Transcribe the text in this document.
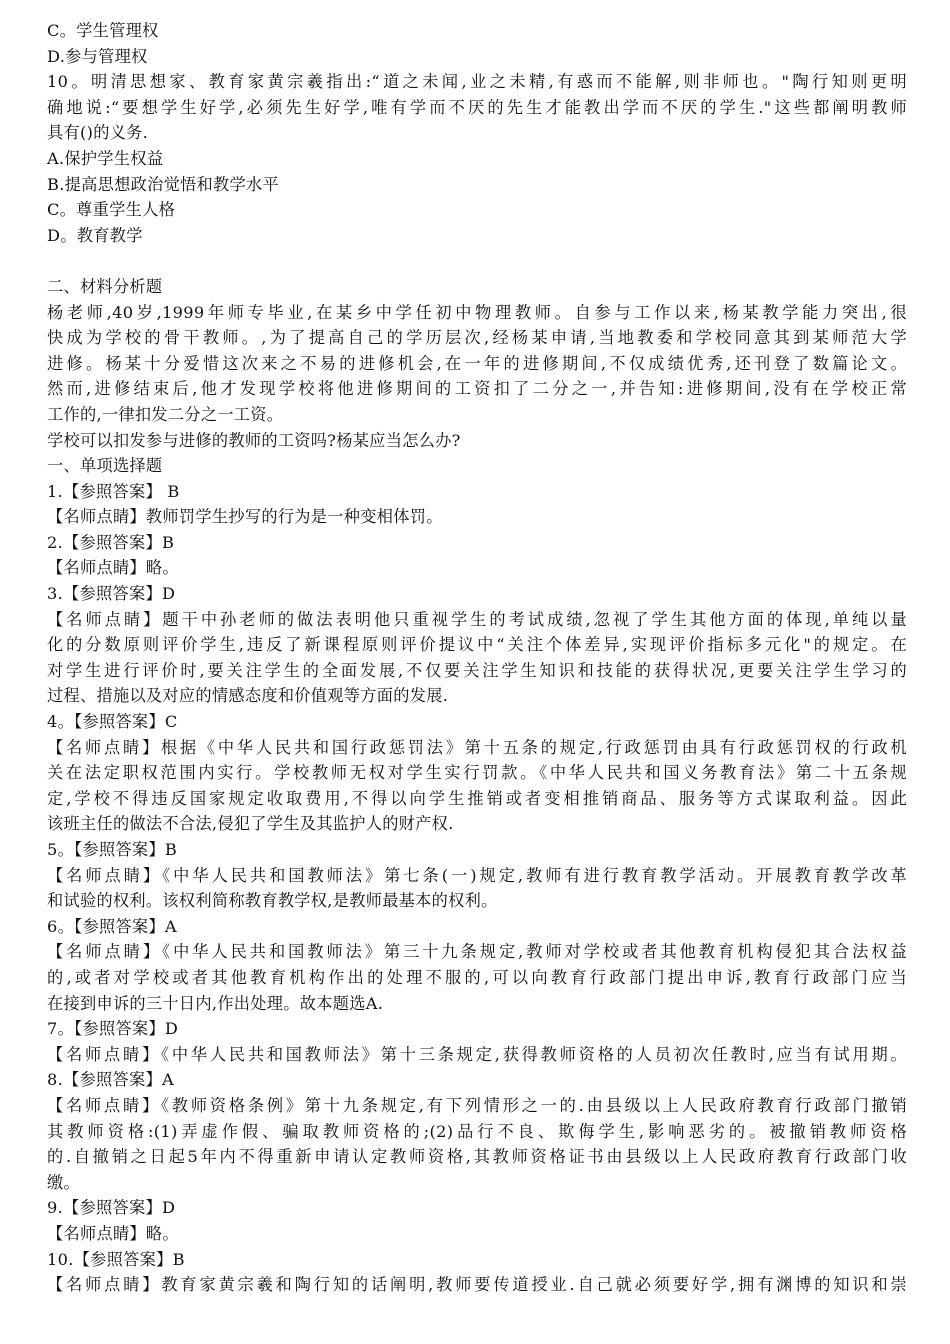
C。学生管理权
D.参与管理权
10。明清思想家、教育家黄宗羲指出:“道之未闻,业之未精,有惑而不能解,则非师也。"陶行知则更明
确地说:“要想学生好学,必须先生好学,唯有学而不厌的先生才能教出学而不厌的学生."这些都阐明教师
具有()的义务.
A.保护学生权益
B.提高思想政治觉悟和教学水平
C。尊重学生人格
D。教育教学
二、材料分析题
杨老师,40岁,1999年师专毕业,在某乡中学任初中物理教师。自参与工作以来,杨某教学能力突出,很
快成为学校的骨干教师。,为了提高自己的学历层次,经杨某申请,当地教委和学校同意其到某师范大学
进修。杨某十分爱惜这次来之不易的进修机会,在一年的进修期间,不仅成绩优秀,还刊登了数篇论文。
然而,进修结束后,他才发现学校将他进修期间的工资扣了二分之一,并告知:进修期间,没有在学校正常
工作的,一律扣发二分之一工资。
学校可以扣发参与进修的教师的工资吗?杨某应当怎么办?
一、单项选择题
1.【参照答案】 B
【名师点睛】教师罚学生抄写的行为是一种变相体罚。
2.【参照答案】B
【名师点睛】略。
3.【参照答案】D
【名师点睛】题干中孙老师的做法表明他只重视学生的考试成绩,忽视了学生其他方面的体现,单纯以量
化的分数原则评价学生,违反了新课程原则评价提议中“关注个体差异,实现评价指标多元化"的规定。在
对学生进行评价时,要关注学生的全面发展,不仅要关注学生知识和技能的获得状况,更要关注学生学习的
过程、措施以及对应的情感态度和价值观等方面的发展.
4。【参照答案】C
【名师点睛】根据《中华人民共和国行政惩罚法》第十五条的规定,行政惩罚由具有行政惩罚权的行政机
关在法定职权范围内实行。学校教师无权对学生实行罚款。《中华人民共和国义务教育法》第二十五条规
定,学校不得违反国家规定收取费用,不得以向学生推销或者变相推销商品、服务等方式谋取利益。因此
该班主任的做法不合法,侵犯了学生及其监护人的财产权.
5。【参照答案】B
【名师点睛】《中华人民共和国教师法》第七条(一)规定,教师有进行教育教学活动。开展教育教学改革
和试验的权利。该权利简称教育教学权,是教师最基本的权利。
6。【参照答案】A
【名师点睛】《中华人民共和国教师法》第三十九条规定,教师对学校或者其他教育机构侵犯其合法权益
的,或者对学校或者其他教育机构作出的处理不服的,可以向教育行政部门提出申诉,教育行政部门应当
在接到申诉的三十日内,作出处理。故本题选A.
7。【参照答案】D
【名师点睛】《中华人民共和国教师法》第十三条规定,获得教师资格的人员初次任教时,应当有试用期。
8.【参照答案】A
【名师点睛】《教师资格条例》第十九条规定,有下列情形之一的.由县级以上人民政府教育行政部门撤销
其教师资格:(1)弄虚作假、骗取教师资格的;(2)品行不良、欺侮学生,影响恶劣的。被撤销教师资格
的.自撤销之日起5年内不得重新申请认定教师资格,其教师资格证书由县级以上人民政府教育行政部门收
缴。
9.【参照答案】D
【名师点睛】略。
10.【参照答案】B
【名师点睛】教育家黄宗羲和陶行知的话阐明,教师要传道授业.自己就必须要好学,拥有渊博的知识和崇
